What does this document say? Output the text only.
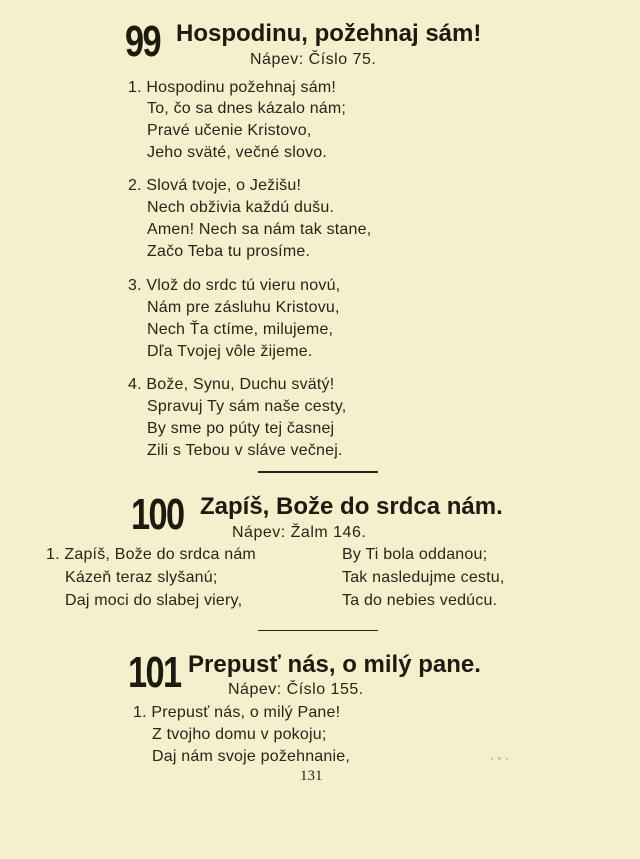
99 Hospodinu, požehnaj sám!
Nápev: Číslo 75.
1. Hospodinu požehnaj sám!
To, čo sa dnes kázalo nám;
Pravé učenie Kristovo,
Jeho sväté, večné slovo.
2. Slová tvoje, o Ježišu!
Nech obživia každú dušu.
Amen! Nech sa nám tak stane,
Začo Teba tu prosíme.
3. Vlož do srdc tú vieru novú,
Nám pre zásluhu Kristovu,
Nech Ťa ctíme, milujeme,
Dľa Tvojej vôle žijeme.
4. Bože, Synu, Duchu svätý!
Spravuj Ty sám naše cesty,
By sme po púty tej časnej
Zili s Tebou v sláve večnej.
100 Zapíš, Bože do srdca nám.
Nápev: Žalm 146.
1. Zapíš, Bože do srdca nám
Kázeň teraz slyšanú;
Daj moci do slabej viery,
By Ti bola oddanou;
Tak nasledujme cestu,
Ta do nebies vedúcu.
101 Prepusť nás, o milý pane.
Nápev: Číslo 155.
1. Prepusť nás, o milý Pane!
Z tvojho domu v pokoju;
Daj nám svoje požehnanie,	· ◦ ·
131
